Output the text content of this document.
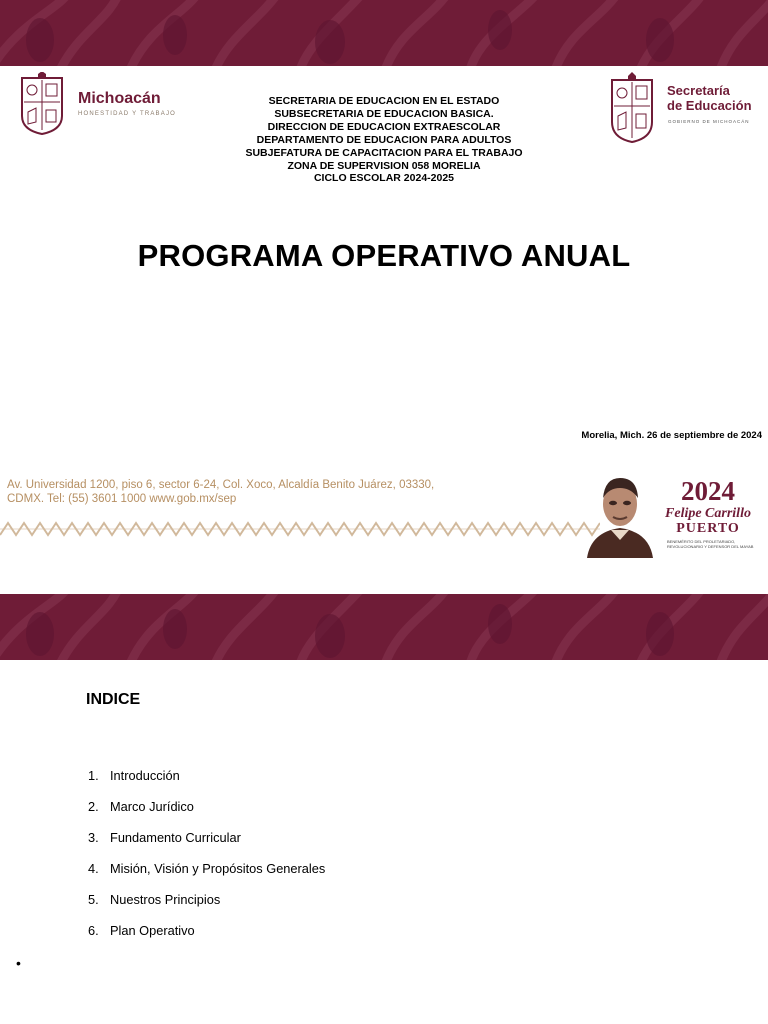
Michoacán
HONESTIDAD Y TRABAJO
SECRETARIA DE EDUCACION EN EL ESTADO
SUBSECRETARIA DE EDUCACION BASICA.
DIRECCION DE EDUCACION EXTRAESCOLAR
DEPARTAMENTO DE EDUCACION PARA ADULTOS
SUBJEFATURA DE CAPACITACION PARA EL TRABAJO
ZONA DE SUPERVISION 058 MORELIA
CICLO ESCOLAR 2024-2025
Secretaría
de Educación
GOBIERNO DE MICHOACÁN
PROGRAMA OPERATIVO ANUAL
Morelia, Mich. 26 de septiembre de 2024
Av. Universidad 1200, piso 6, sector 6-24, Col. Xoco, Alcaldía Benito Juárez, 03330,
CDMX. Tel: (55) 3601 1000 www.gob.mx/sep	2024
Felipe Carrillo
PUERTO
BENEMÉRITO DEL PROLETARIADO, REVOLUCIONARIO Y DEFENSOR DEL MAYAB
INDICE
1. Introducción
2. Marco Jurídico
3. Fundamento Curricular
4. Misión, Visión y Propósitos Generales
5. Nuestros Principios
6. Plan Operativo
•
